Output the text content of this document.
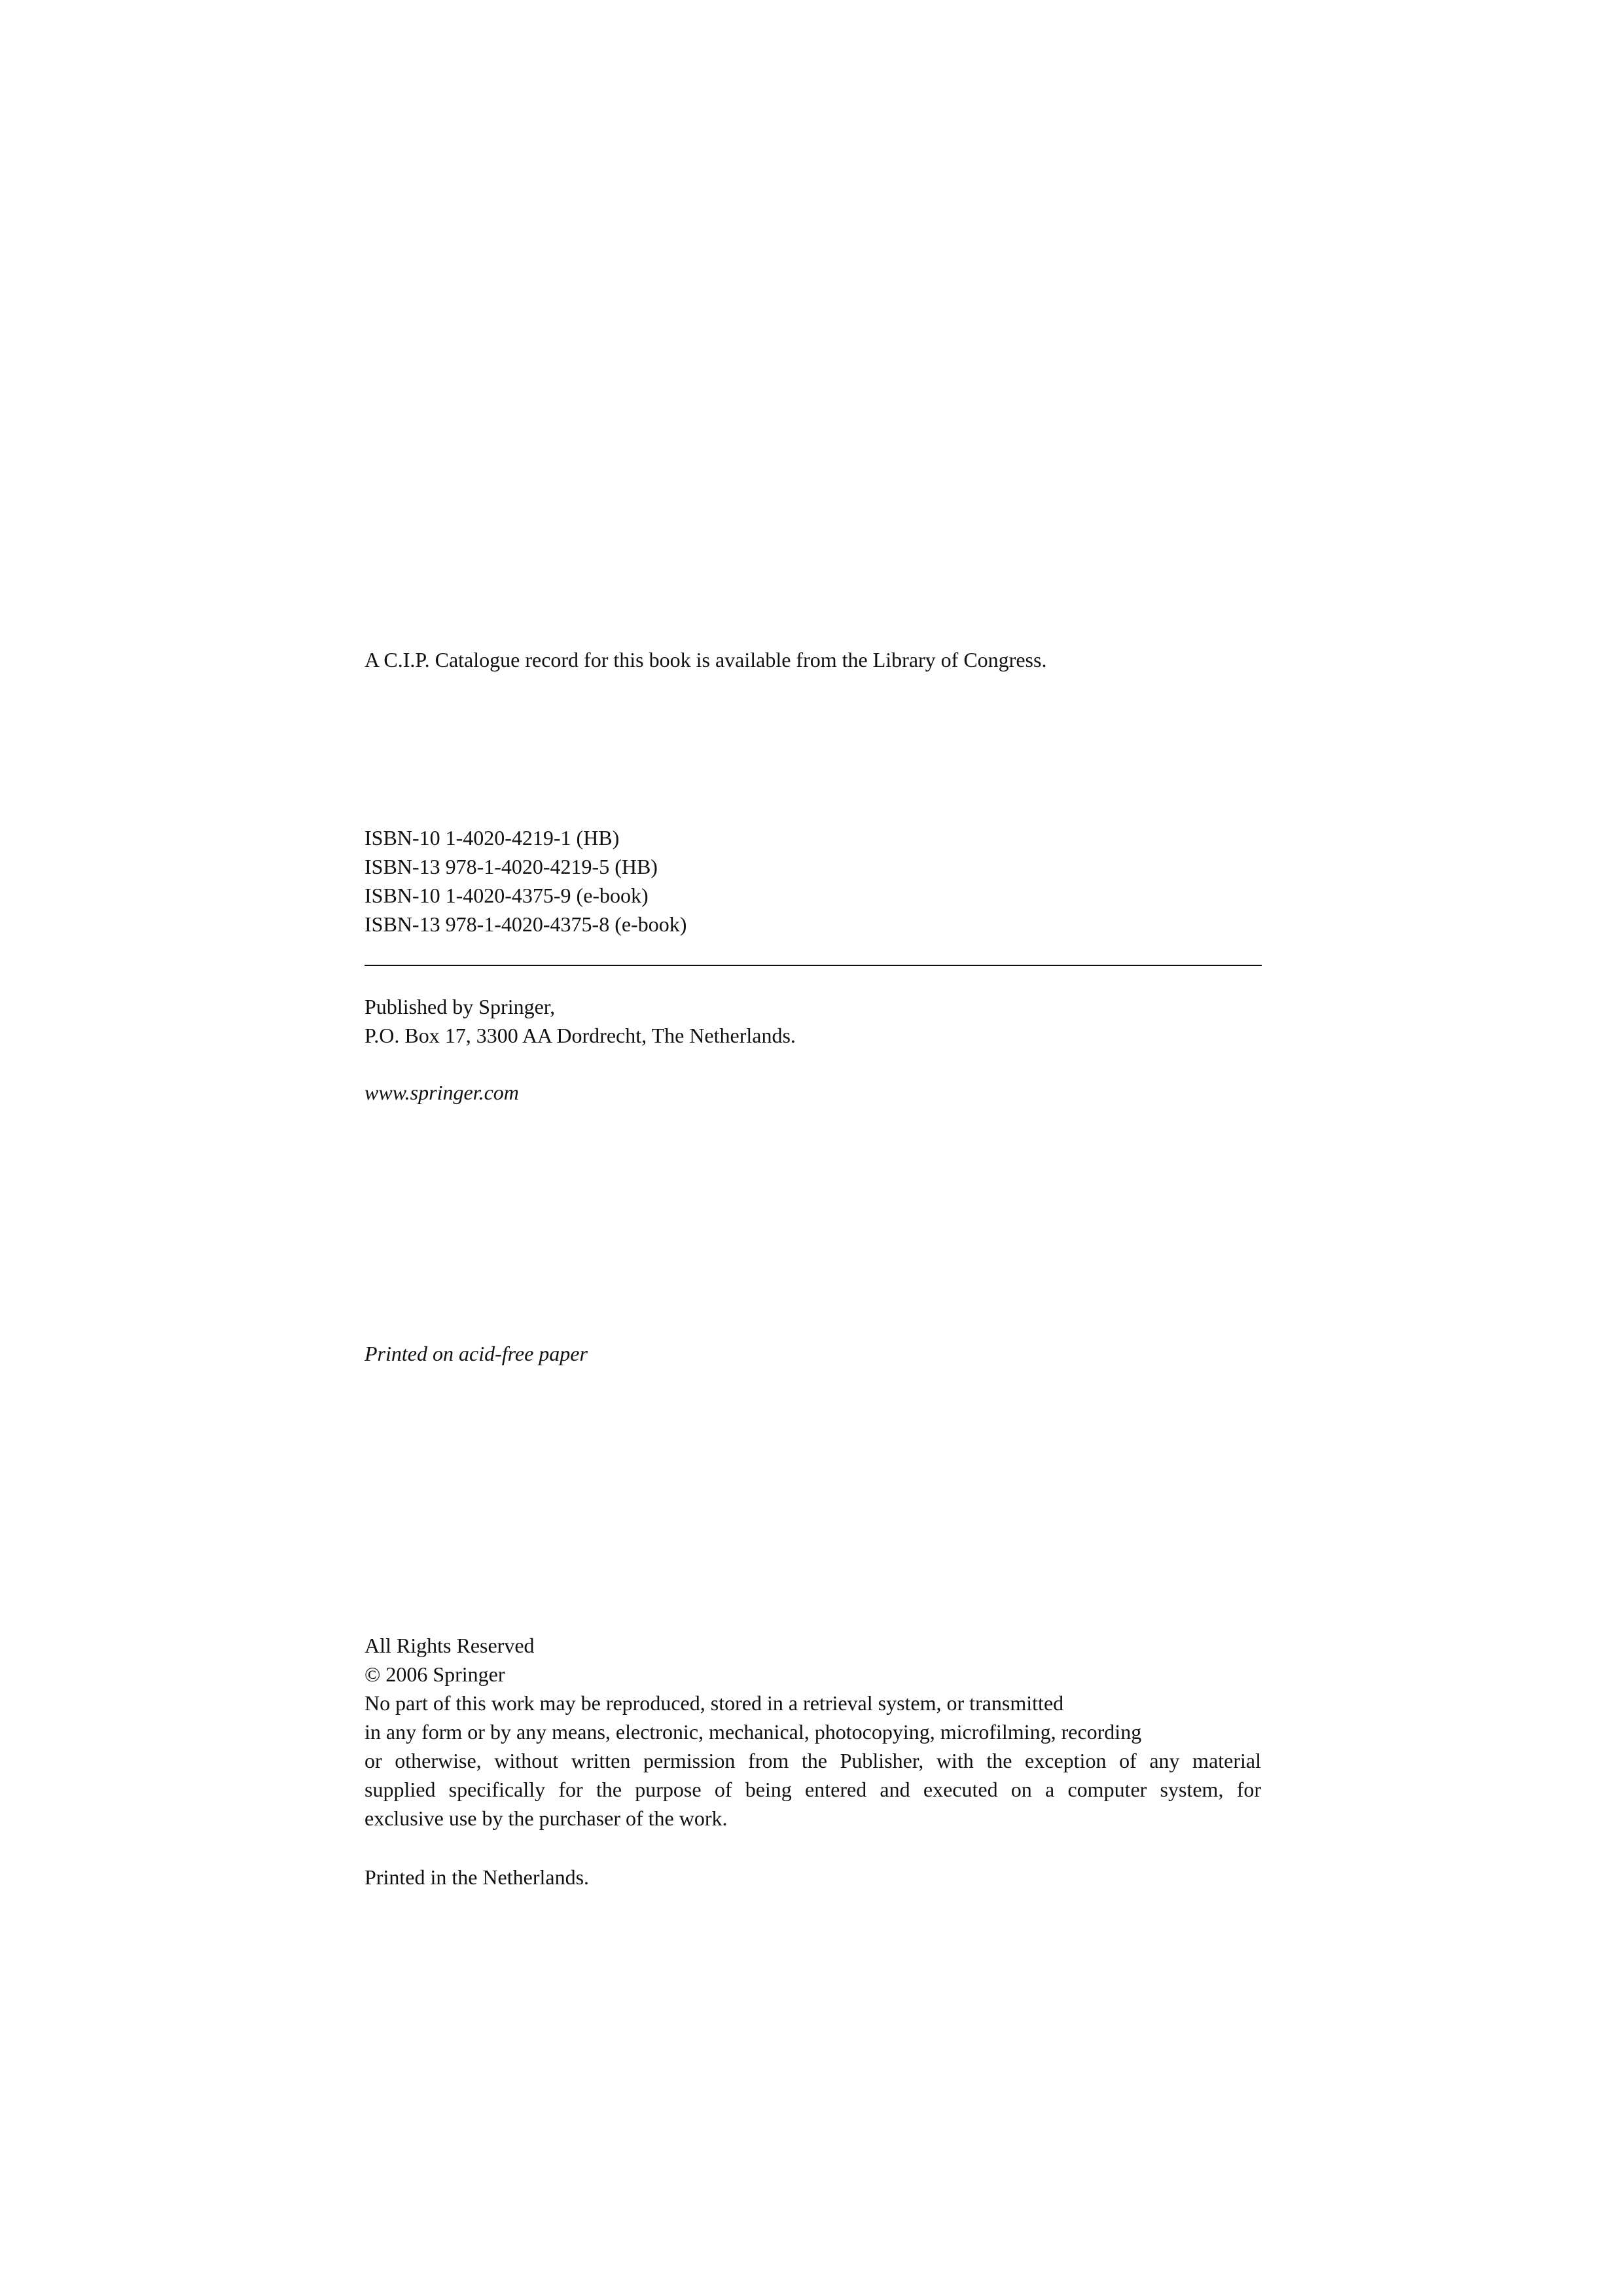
A C.I.P. Catalogue record for this book is available from the Library of Congress.
ISBN-10 1-4020-4219-1 (HB)
ISBN-13 978-1-4020-4219-5 (HB)
ISBN-10 1-4020-4375-9 (e-book)
ISBN-13 978-1-4020-4375-8 (e-book)
Published by Springer,
P.O. Box 17, 3300 AA Dordrecht, The Netherlands.
www.springer.com
Printed on acid-free paper
All Rights Reserved
© 2006 Springer
No part of this work may be reproduced, stored in a retrieval system, or transmitted
in any form or by any means, electronic, mechanical, photocopying, microfilming, recording
or otherwise, without written permission from the Publisher, with the exception of any material
supplied specifically for the purpose of being entered and executed on a computer system, for
exclusive use by the purchaser of the work.
Printed in the Netherlands.
